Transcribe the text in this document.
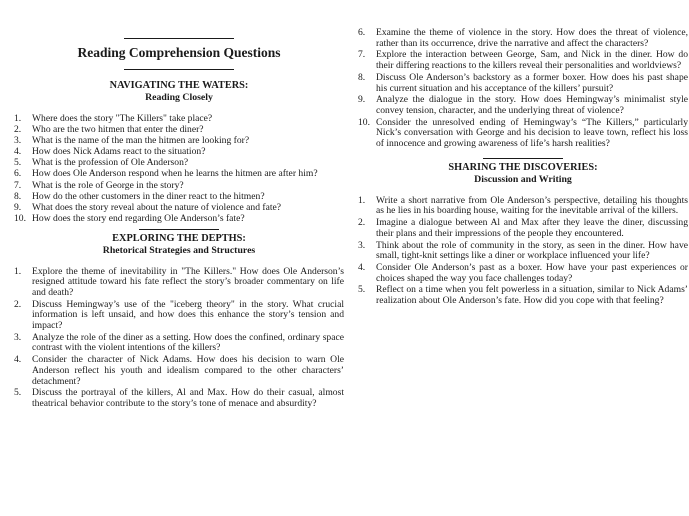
Reading Comprehension Questions
NAVIGATING THE WATERS:
Reading Closely
1.	Where does the story "The Killers" take place?
2.	Who are the two hitmen that enter the diner?
3.	What is the name of the man the hitmen are looking for?
4.	How does Nick Adams react to the situation?
5.	What is the profession of Ole Anderson?
6.	How does Ole Anderson respond when he learns the hitmen are after him?
7.	What is the role of George in the story?
8.	How do the other customers in the diner react to the hitmen?
9.	What does the story reveal about the nature of violence and fate?
10. How does the story end regarding Ole Anderson’s fate?
EXPLORING THE DEPTHS:
Rhetorical Strategies and Structures
1.	Explore the theme of inevitability in "The Killers." How does Ole Anderson’s resigned attitude toward his fate reflect the story’s broader commentary on life and death?
2.	Discuss Hemingway’s use of the "iceberg theory" in the story. What crucial information is left unsaid, and how does this enhance the story’s tension and impact?
3.	Analyze the role of the diner as a setting. How does the confined, ordinary space contrast with the violent intentions of the killers?
4.	Consider the character of Nick Adams. How does his decision to warn Ole Anderson reflect his youth and idealism compared to the other characters’ detachment?
5.	Discuss the portrayal of the killers, Al and Max. How do their casual, almost theatrical behavior contribute to the story’s tone of menace and absurdity?
6.	Examine the theme of violence in the story. How does the threat of violence, rather than its occurrence, drive the narrative and affect the characters?
7.	Explore the interaction between George, Sam, and Nick in the diner. How do their differing reactions to the killers reveal their personalities and worldviews?
8.	Discuss Ole Anderson’s backstory as a former boxer. How does his past shape his current situation and his acceptance of the killers’ pursuit?
9.	Analyze the dialogue in the story. How does Hemingway’s minimalist style convey tension, character, and the underlying threat of violence?
10. Consider the unresolved ending of Hemingway’s “The Killers,” particularly Nick’s conversation with George and his decision to leave town, reflect his loss of innocence and growing awareness of life’s harsh realities?
SHARING THE DISCOVERIES:
Discussion and Writing
1.	Write a short narrative from Ole Anderson’s perspective, detailing his thoughts as he lies in his boarding house, waiting for the inevitable arrival of the killers.
2.	Imagine a dialogue between Al and Max after they leave the diner, discussing their plans and their impressions of the people they encountered.
3.	Think about the role of community in the story, as seen in the diner. How have small, tight-knit settings like a diner or workplace influenced your life?
4.	Consider Ole Anderson’s past as a boxer. How have your past experiences or choices shaped the way you face challenges today?
5.	Reflect on a time when you felt powerless in a situation, similar to Nick Adams’ realization about Ole Anderson’s fate. How did you cope with that feeling?
